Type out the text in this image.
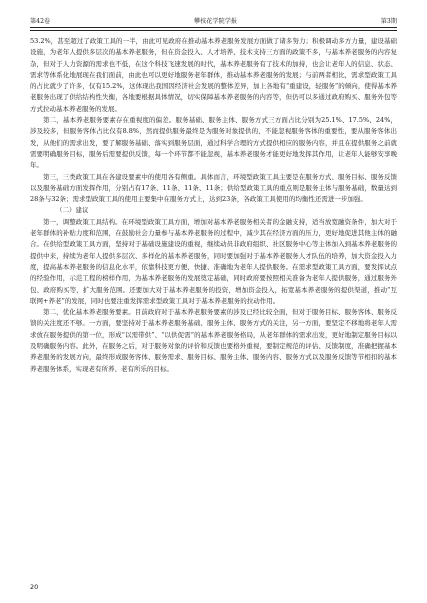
第42卷	攀枝花学院学报	第3期

53.2%，甚至超过了政策工具的一半，由此可见政府在推动基本养老服务发展方面做了诸多努力；积极调动多方力量，建设基础设施，为老年人提供多层次的基本养老服务，但在资金投入、人才培养、技术支持三方面的政策不多，与基本养老服务的内容复杂，但对于人力资源的需求也不低，在这个科技飞速发展的时代，基本养老服务有了技术的加持，也会让老年人的信息、状态、需求等体系化地展现在我们面前，由此也可以更好地服务老年群体，推动基本养老服务的发展；与前两者相比，需求型政策工具的占比就少了许多，仅有15.2%，这体现出我国因经济社会发展的整体差异，加上各地有“重建设，轻服务”的倾向，使得基本养老服务出现了供给结构性失衡，各地要根据具体情况，切实保障基本养老服务的内容等，但仍可以多通过政府购买、服务外包等方式拉动基本养老服务的发展。

第二，基本养老服务要素存在重视度的偏差。服务基础、服务主体、服务方式三方面占比分别为25.1%、17.5%、24%，涉及较多，但服务客体占比仅有8.8%，然而提供服务最终是为服务对象提供的，不能忽视服务客体的重要性，要从服务客体出发，从他们的需求出发，要了解服务基础、落实到服务层面，通过科学合理的方式提供相应的服务内容，并且在提供服务之前就需要明确服务目标，服务后需要提供反馈，每一个环节都不能忽视，基本养老服务才能更好地发挥其作用，让老年人能够安享晚年。

第三，三类政策工具在各建设要素中的使用各有侧重。具体而言，环境型政策工具主要是在服务方式、服务目标、服务反馈以及服务基础方面发挥作用，分别占有17条、11条、11条、11条；供给型政策工具的重点则是服务主体与服务基础，数量达到28条与32条；需求型政策工具的使用主要集中在服务方式上，达到23条，各政策工具使用的均衡性还需进一步加强。

（二）建议

第一，调整政策工具结构。在环境型政策工具方面，增加对基本养老服务相关者的金融支持，适当放宽融资条件，加大对于老年群体的补贴力度和范围，在鼓励社会力量参与基本养老服务的过程中，减少其在经济方面的压力，更好地促进其他主体的融合。在供给型政策工具方面，坚持对于基础设施建设的重视，继续动员非政府组织、社区服务中心等主体加入到基本养老服务的提供中来，持续为老年人提供多层次、多样化的基本养老服务，同时要加强对于基本养老服务人才队伍的培养，加大资金投入力度，提高基本养老服务的信息化水平，依靠科技更方便、快捷、准确地为老年人提供服务。在需求型政策工具方面，要发挥试点的经验作用，示范工程的榜样作用，为基本养老服务的发展奠定基础，同时政府要按照相关准备为老年人提供服务，通过服务外包、政府购买等，扩大服务范围。还要加大对于基本养老服务的投资，增加资金投入，拓宽基本养老服务的提供渠道，推动“互联网+养老”的发展，同时也要注重发挥需求型政策工具对于基本养老服务的拉动作用。

第二，优化基本养老服务要素。目前政府对于基本养老服务要素的涉及已经比较全面，但对于服务目标、服务客体、服务反馈的关注度还不够。一方面，要坚持对于基本养老服务基础、服务主体、服务方式的关注，另一方面，要坚定不移地将老年人需求放在服务提供的第一位，形成“以需带供”、“以供促需”的基本养老服务格局，从老年群体的需求出发，更好地制定服务目标以及明确服务内容。此外，在服务之后，对于服务对象的评价和反馈也要格外重视，要制定规范的评估、反馈制度，准确把握基本养老服务的发展方向，最终形成服务客体、服务需求、服务目标、服务主体、服务内容、服务方式以及服务反馈等节相扣的基本养老服务体系，实现老有所养、老有所乐的目标。

20
